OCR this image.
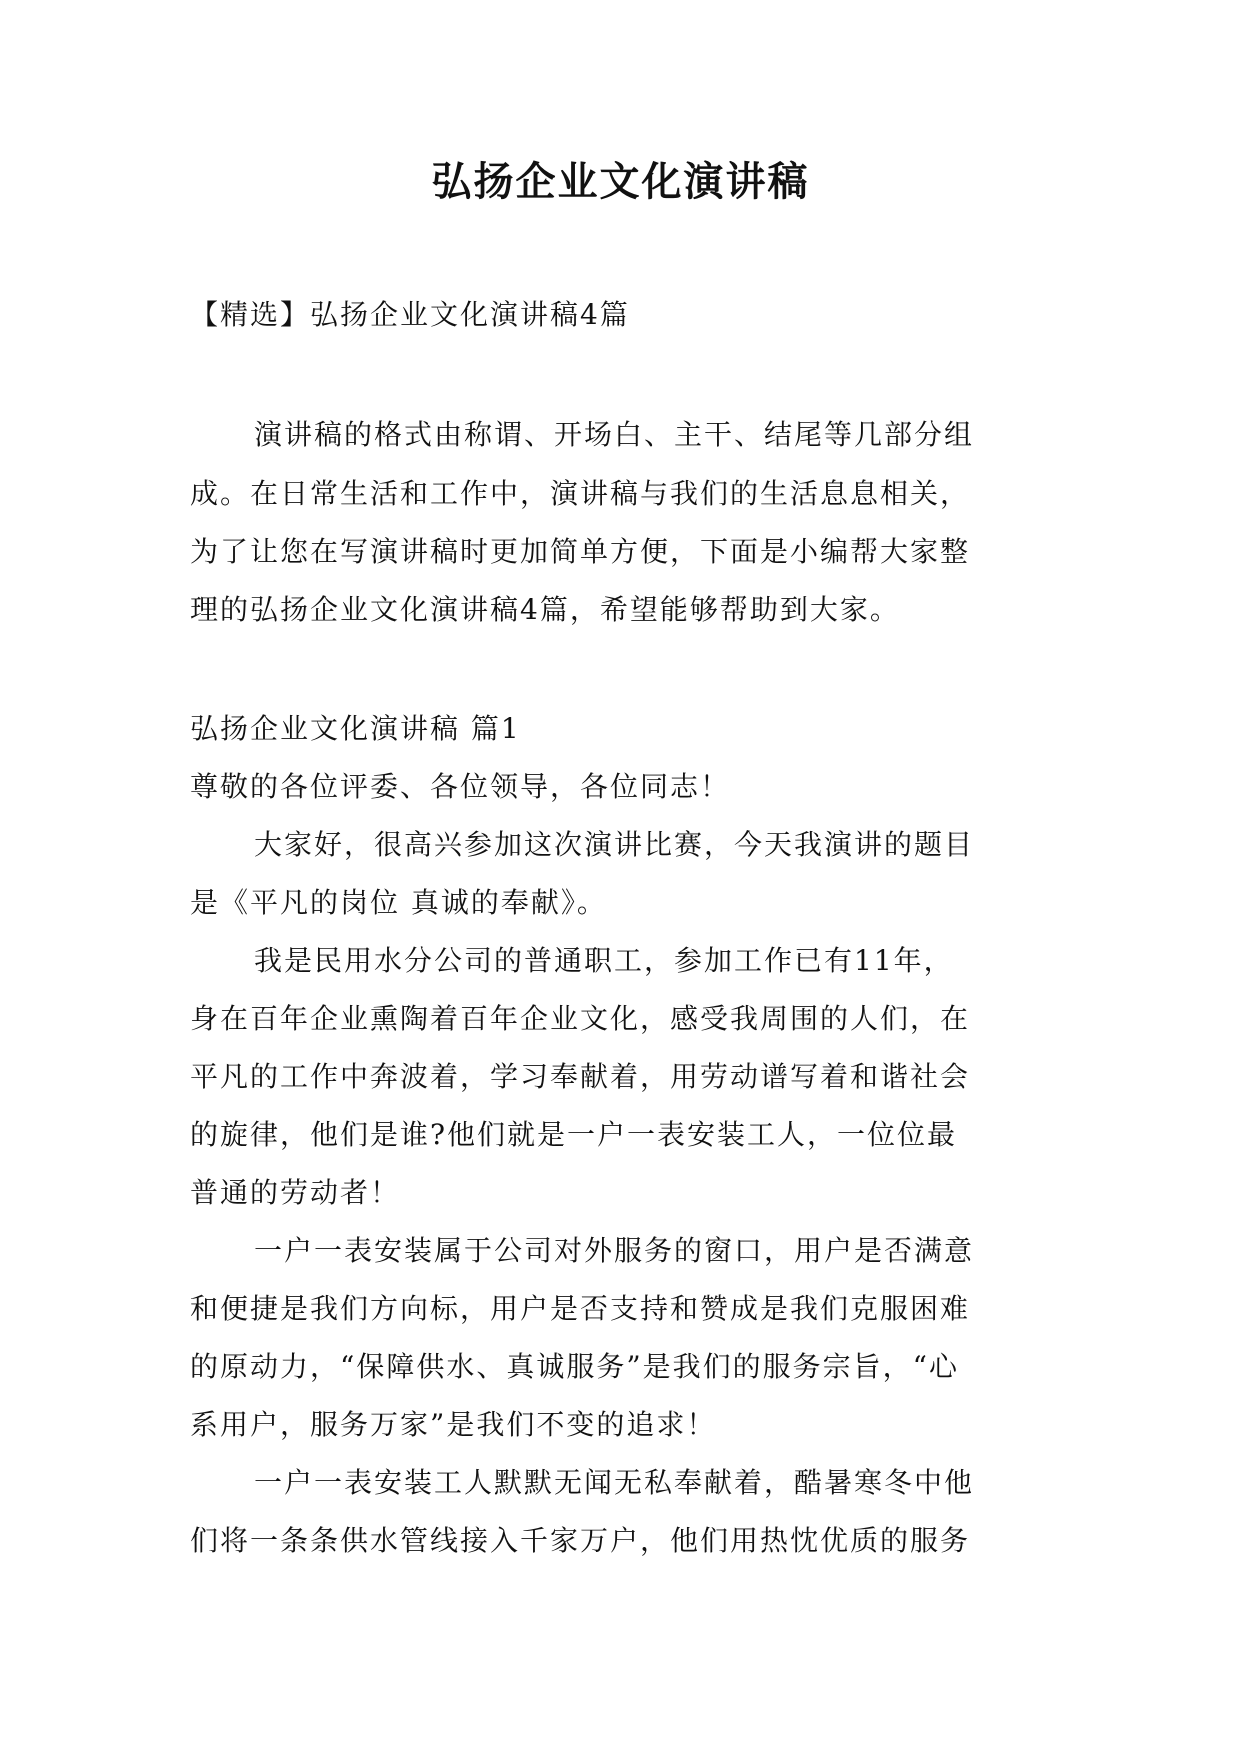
弘扬企业文化演讲稿

【精选】弘扬企业文化演讲稿4篇

演讲稿的格式由称谓、开场白、主干、结尾等几部分组

成。在日常生活和工作中，演讲稿与我们的生活息息相关，

为了让您在写演讲稿时更加简单方便，下面是小编帮大家整

理的弘扬企业文化演讲稿4篇，希望能够帮助到大家。

弘扬企业文化演讲稿 篇1

尊敬的各位评委、各位领导，各位同志！

大家好，很高兴参加这次演讲比赛，今天我演讲的题目

是《平凡的岗位 真诚的奉献》。

我是民用水分公司的普通职工，参加工作已有11年，

身在百年企业熏陶着百年企业文化，感受我周围的人们，在

平凡的工作中奔波着，学习奉献着，用劳动谱写着和谐社会

的旋律，他们是谁?他们就是一户一表安装工人，一位位最

普通的劳动者！

一户一表安装属于公司对外服务的窗口，用户是否满意

和便捷是我们方向标，用户是否支持和赞成是我们克服困难

的原动力，“保障供水、真诚服务”是我们的服务宗旨，“心

系用户，服务万家”是我们不变的追求！

一户一表安装工人默默无闻无私奉献着，酷暑寒冬中他

们将一条条供水管线接入千家万户，他们用热忱优质的服务
